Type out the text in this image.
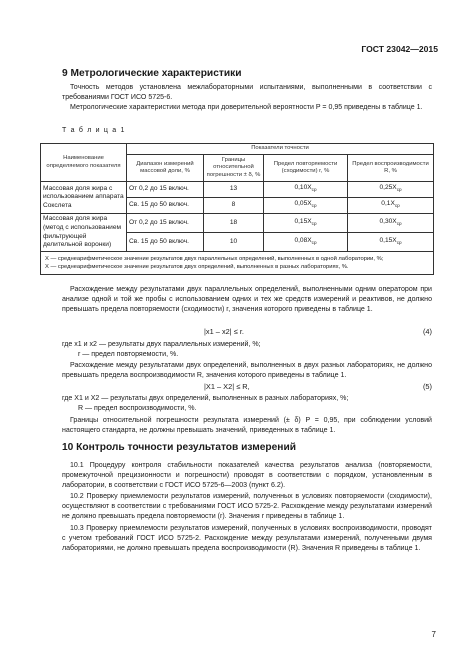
ГОСТ 23042—2015
9 Метрологические характеристики
Точность методов установлена межлабораторными испытаниями, выполненными в соответствии с требованиями ГОСТ ИСО 5725-6.
Метрологические характеристики метода при доверительной вероятности P = 0,95 приведены в таблице 1.
Т а б л и ц а 1
Наименование определяемого показателя	Показатели точности			
	Диапазон измерений массовой доли, %	Границы относительной погрешности ± δ, %	Предел повторяемости (сходимости) r, %	Предел воспроизводимости R, %
Массовая доля жира с использованием аппарата Сокслета	От 0,2 до 15 включ.	13	$0,10X_{ср}$	$0,25X_{ср}$
	Св. 15 до 50 включ.	8	$0,05X_{ср}$	$0,1X_{ср}$
Массовая доля жира (метод с использованием фильтрующей делительной воронки)	От 0,2 до 15 включ.	18	$0,15X_{ср}$	$0,30X_{ср}$
	Св. 15 до 50 включ.	10	$0,08X_{ср}$	$0,15X_{ср}$

X — среднеарифметическое значение результатов двух параллельных определений, выполненных в одной лаборатории, %;
X — среднеарифметическое значение результатов двух определений, выполненных в разных лабораториях, %.				
Расхождение между результатами двух параллельных определений, выполненными одним оператором при анализе одной и той же пробы с использованием одних и тех же средств измерений и реактивов, не должно превышать предела повторяемости (сходимости) r, значения которого приведены в таблице 1.
|x1 – x2| ≤ r.	(4)
где x1 и x2 — результаты двух параллельных измерений, %;
r — предел повторяемости, %.
Расхождение между результатами двух определений, выполненных в двух разных лабораториях, не должно превышать предела воспроизводимости R, значения которого приведены в таблице 1.
|X1 – X2| ≤ R,	(5)
где X1 и X2 — результаты двух определений, выполненных в разных лабораториях, %;
R — предел воспроизводимости, %.
Границы относительной погрешности результата измерений (± δ) P = 0,95, при соблюдении условий настоящего стандарта, не должны превышать значений, приведенных в таблице 1.
10 Контроль точности результатов измерений
10.1 Процедуру контроля стабильности показателей качества результатов анализа (повторяемости, промежуточной прецизионности и погрешности) проводят в соответствии с порядком, установленным в лаборатории, в соответствии с ГОСТ ИСО 5725-6—2003 (пункт 6.2).
10.2 Проверку приемлемости результатов измерений, полученных в условиях повторяемости (сходимости), осуществляют в соответствии с требованиями ГОСТ ИСО 5725-2. Расхождение между результатами измерений не должно превышать предела повторяемости (r). Значения r приведены в таблице 1.
10.3 Проверку приемлемости результатов измерений, полученных в условиях воспроизводимости, проводят с учетом требований ГОСТ ИСО 5725-2. Расхождение между результатами измерений, полученными двумя лабораториями, не должно превышать предела воспроизводимости (R). Значения R приведены в таблице 1.
7
